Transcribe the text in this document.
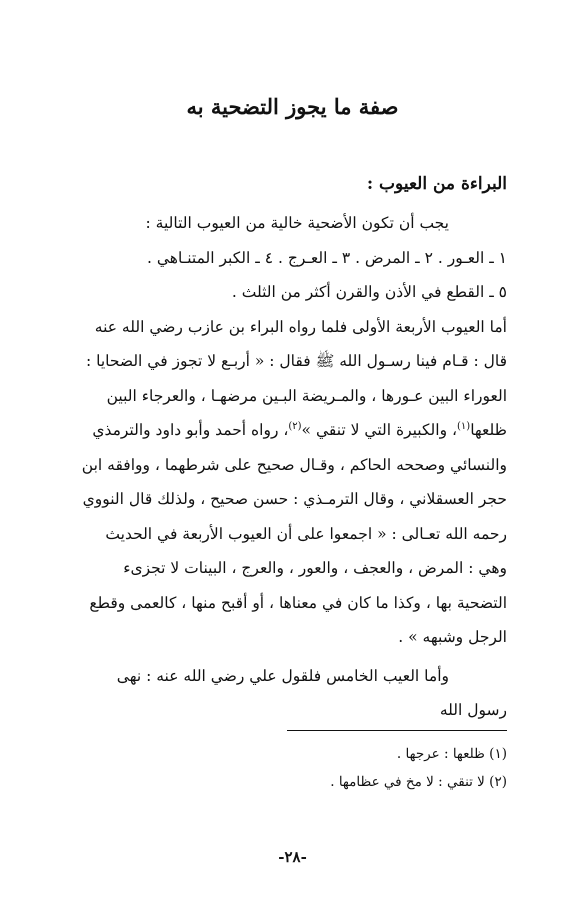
صفة ما يجوز التضحية به
البراءة من العيوب :

يجب أن تكون الأضحية خالية من العيوب التالية :

١ ـ العـور . ٢ ـ المرض . ٣ ـ العـرج . ٤ ـ الكبر المتنـاهي .

٥ ـ القطع في الأذن والقرن أكثر من الثلث .

أما العيوب الأربعة الأولى فلما رواه البراء بن عازب رضي الله عنه قال : قـام فينا رسـول الله ﷺ فقال : « أربـع لا تجوز في الضحايا : العوراء البين عـورها ، والمـريضة البـين مرضهـا ، والعرجاء البين ظلعها$^{(١)}$، والكبيرة التي لا تنقي »$^{(٢)}$، رواه أحمد وأبو داود والترمذي والنسائي وصححه الحاكم ، وقـال صحيح على شرطهما ، ووافقه ابن حجر العسقلاني ، وقال الترمـذي : حسن صحيح ، ولذلك قال النووي رحمه الله تعـالى : « اجمعوا على أن العيوب الأربعة في الحديث وهي : المرض ، والعجف ، والعور ، والعرج ، البينات لا تجزىء التضحية بها ، وكذا ما كان في معناها ، أو أقبح منها ، كالعمى وقطع الرجل وشبهه » .

وأما العيب الخامس فلقول علي رضي الله عنه : نهى رسول الله

(١) ظلعها : عرجها .
(٢) لا تنقي : لا مخ في عظامها .
-٢٨-
